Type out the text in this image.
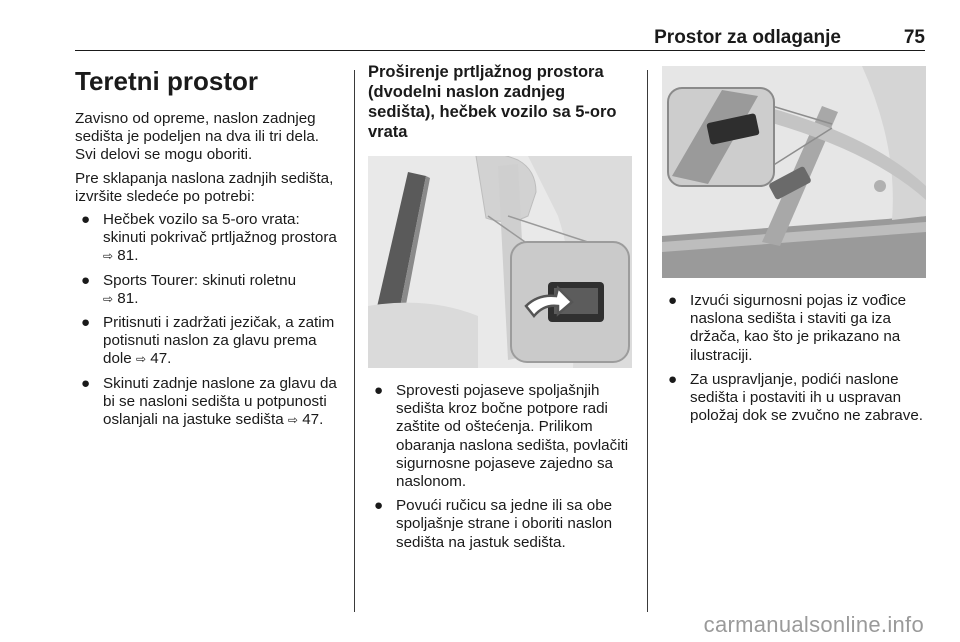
Prostor za odlaganje	75
Teretni prostor

Zavisno od opreme, naslon zadnjeg sedišta je podeljen na dva ili tri dela. Svi delovi se mogu oboriti.

Pre sklapanja naslona zadnjih sedišta, izvršite sledeće po potrebi:

● Hečbek vozilo sa 5-oro vrata: skinuti pokrivač prtljažnog prostora ⇨ 81.
● Sports Tourer: skinuti roletnu
⇨ 81.
● Pritisnuti i zadržati jezičak, a zatim potisnuti naslon za glavu prema dole ⇨ 47.
● Skinuti zadnje naslone za glavu da bi se nasloni sedišta u potpunosti oslanjali na jastuke sedišta ⇨ 47.
Proširenje prtljažnog prostora (dvodelni naslon zadnjeg sedišta), hečbek vozilo sa 5-oro vrata
● Sprovesti pojaseve spoljašnjih sedišta kroz bočne potpore radi zaštite od oštećenja. Prilikom obaranja naslona sedišta, povlačiti sigurnosne pojaseve zajedno sa naslonom.
● Povući ručicu sa jedne ili sa obe spoljašnje strane i oboriti naslon sedišta na jastuk sedišta.
● Izvući sigurnosni pojas iz vođice naslona sedišta i staviti ga iza držača, kao što je prikazano na ilustraciji.
● Za uspravljanje, podići naslone sedišta i postaviti ih u uspravan položaj dok se zvučno ne zabrave.
carmanualsonline.info
